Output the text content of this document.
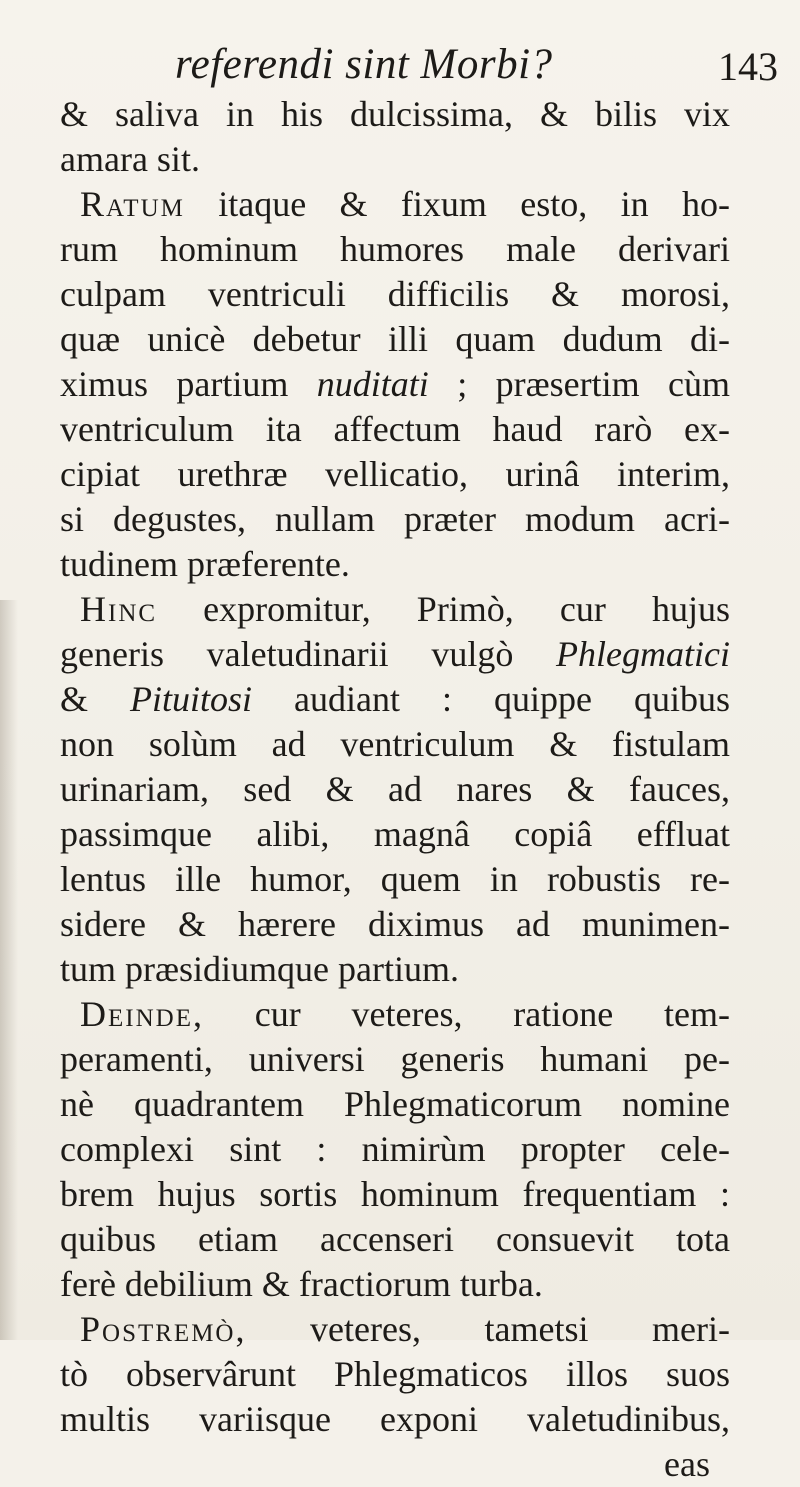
referendi sint Morbi?	143
& saliva in his dulcissima, & bilis vix
amara sit.
Ratum itaque & fixum esto, in ho-
rum hominum humores male derivari
culpam ventriculi difficilis & morosi,
quæ unicè debetur illi quam dudum di-
ximus partium nuditati ; præsertim cùm
ventriculum ita affectum haud rarò ex-
cipiat urethræ vellicatio, urinâ interim,
si degustes, nullam præter modum acri-
tudinem præferente.
Hinc expromitur, Primò, cur hujus
generis valetudinarii vulgò Phlegmatici
& Pituitosi audiant : quippe quibus
non solùm ad ventriculum & fistulam
urinariam, sed & ad nares & fauces,
passimque alibi, magnâ copiâ effluat
lentus ille humor, quem in robustis re-
sidere & hærere diximus ad munimen-
tum præsidiumque partium.
Deinde, cur veteres, ratione tem-
peramenti, universi generis humani pe-
nè quadrantem Phlegmaticorum nomine
complexi sint : nimirùm propter cele-
brem hujus sortis hominum frequentiam :
quibus etiam accenseri consuevit tota
ferè debilium & fractiorum turba.
Postremò, veteres, tametsi meri-
tò observârunt Phlegmaticos illos suos
multis variisque exponi valetudinibus,
eas
